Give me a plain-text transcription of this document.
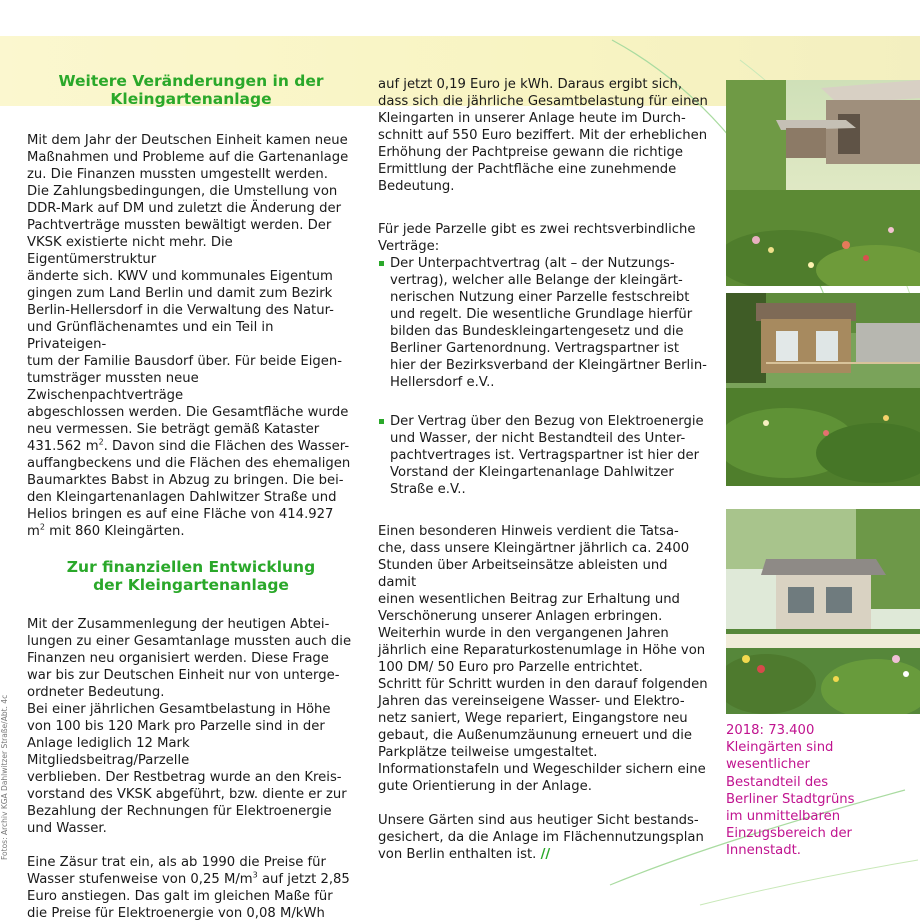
Weitere Veränderungen in der
Kleingartenanlage

Mit dem Jahr der Deutschen Einheit kamen neue
Maßnahmen und Probleme auf die Gartenanlage
zu. Die Finanzen mussten umgestellt werden.
Die Zahlungsbedingungen, die Umstellung von
DDR-Mark auf DM und zuletzt die Änderung der
Pachtverträge mussten bewältigt werden. Der
VKSK existierte nicht mehr. Die Eigentümerstruktur
änderte sich. KWV und kommunales Eigentum
gingen zum Land Berlin und damit zum Bezirk
Berlin-Hellersdorf in die Verwaltung des Natur-
und Grünflächenamtes und ein Teil in Privateigen-
tum der Familie Bausdorf über. Für beide Eigen-
tumsträger mussten neue Zwischenpachtverträge
abgeschlossen werden. Die Gesamtfläche wurde
neu vermessen. Sie beträgt gemäß Kataster
431.562 $m^2$. Davon sind die Flächen des Wasser-
auffangbeckens und die Flächen des ehemaligen
Baumarktes Babst in Abzug zu bringen. Die bei-
den Kleingartenanlagen Dahlwitzer Straße und
Helios bringen es auf eine Fläche von 414.927
$m^2$ mit 860 Kleingärten.

Zur finanziellen Entwicklung
der Kleingartenanlage

Mit der Zusammenlegung der heutigen Abtei-
lungen zu einer Gesamtanlage mussten auch die
Finanzen neu organisiert werden. Diese Frage
war bis zur Deutschen Einheit nur von unterge-
ordneter Bedeutung.
Bei einer jährlichen Gesamtbelastung in Höhe
von 100 bis 120 Mark pro Parzelle sind in der
Anlage lediglich 12 Mark Mitgliedsbeitrag/Parzelle
verblieben. Der Restbetrag wurde an den Kreis-
vorstand des VKSK abgeführt, bzw. diente er zur
Bezahlung der Rechnungen für Elektroenergie
und Wasser.

Eine Zäsur trat ein, als ab 1990 die Preise für
Wasser stufenweise von 0,25 $M/m^3$ auf jetzt 2,85
Euro anstiegen. Das galt im gleichen Maße für
die Preise für Elektroenergie von 0,08 M/kWh

auf jetzt 0,19 Euro je kWh. Daraus ergibt sich,
dass sich die jährliche Gesamtbelastung für einen
Kleingarten in unserer Anlage heute im Durch-
schnitt auf 550 Euro beziffert. Mit der erheblichen
Erhöhung der Pachtpreise gewann die richtige
Ermittlung der Pachtfläche eine zunehmende
Bedeutung.

Für jede Parzelle gibt es zwei rechtsverbindliche
Verträge:

Der Unterpachtvertrag (alt – der Nutzungs-
vertrag), welcher alle Belange der kleingärt-
nerischen Nutzung einer Parzelle festschreibt
und regelt. Die wesentliche Grundlage hierfür
bilden das Bundeskleingartengesetz und die
Berliner Gartenordnung. Vertragspartner ist
hier der Bezirksverband der Kleingärtner Berlin-
Hellersdorf e.V..
Der Vertrag über den Bezug von Elektroenergie
und Wasser, der nicht Bestandteil des Unter-
pachtvertrages ist. Vertragspartner ist hier der
Vorstand der Kleingartenanlage Dahlwitzer
Straße e.V..

Einen besonderen Hinweis verdient die Tatsa-
che, dass unsere Kleingärtner jährlich ca. 2400
Stunden über Arbeitseinsätze ableisten und damit
einen wesentlichen Beitrag zur Erhaltung und
Verschönerung unserer Anlagen erbringen.
Weiterhin wurde in den vergangenen Jahren
jährlich eine Reparaturkostenumlage in Höhe von
100 DM/ 50 Euro pro Parzelle entrichtet.
Schritt für Schritt wurden in den darauf folgenden
Jahren das vereinseigene Wasser- und Elektro-
netz saniert, Wege repariert, Eingangstore neu
gebaut, die Außenumzäunung erneuert und die
Parkplätze teilweise umgestaltet.
Informationstafeln und Wegeschilder sichern eine
gute Orientierung in der Anlage.

Unsere Gärten sind aus heutiger Sicht bestands-
gesichert, da die Anlage im Flächennutzungsplan
von Berlin enthalten ist. //

2018: 73.400
Kleingärten sind
wesentlicher
Bestandteil des
Berliner Stadtgrüns
im unmittelbaren
Einzugsbereich der
Innenstadt.
Fotos: Archiv KGA Dahlwitzer Straße/Abt. 4c
